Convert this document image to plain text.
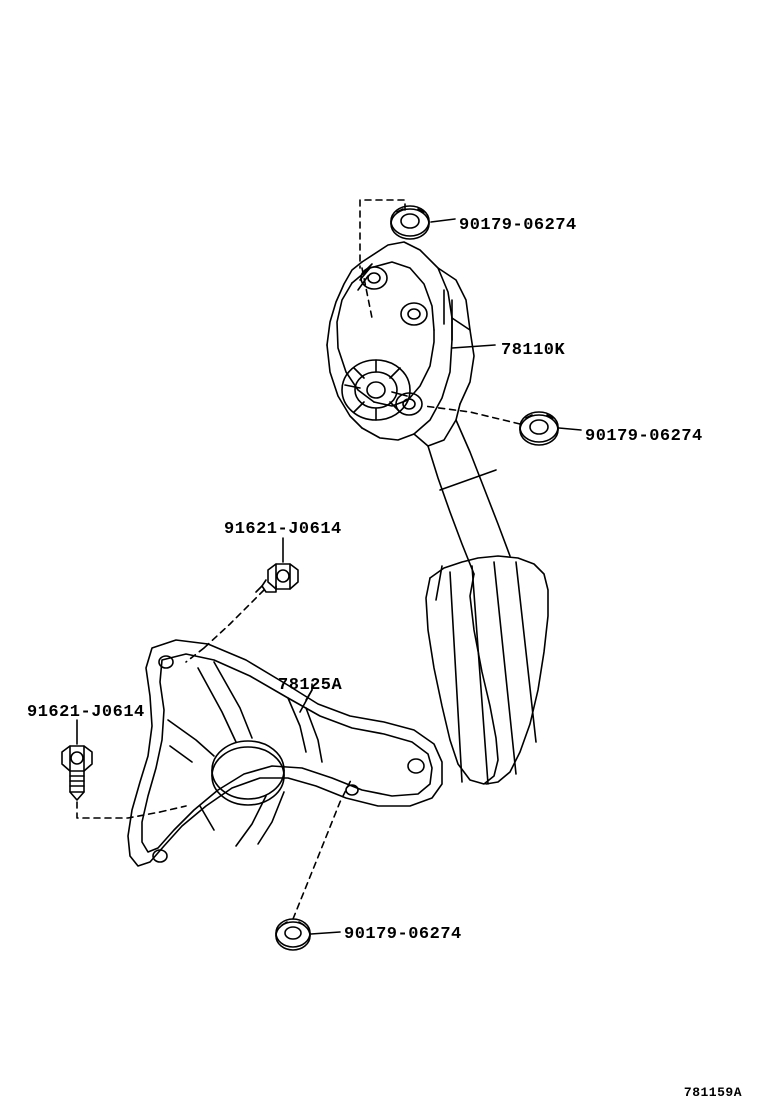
90179-06274
78110K
90179-06274
91621-J0614
91621-J0614
78125A
90179-06274
781159A
